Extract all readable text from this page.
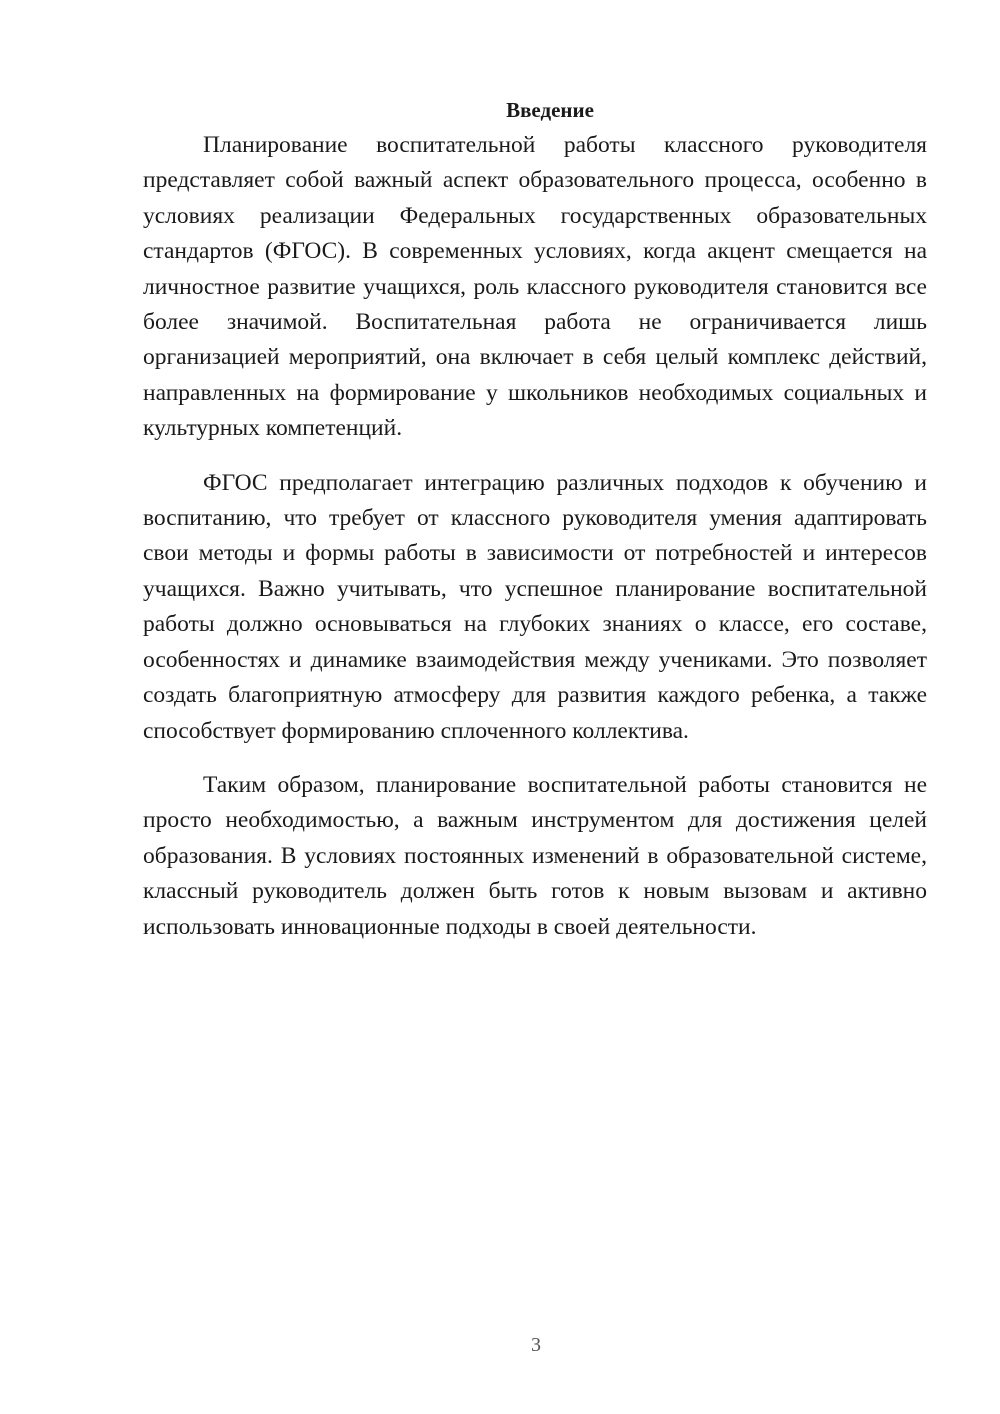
Введение

Планирование воспитательной работы классного руководителя представляет собой важный аспект образовательного процесса, особенно в условиях реализации Федеральных государственных образовательных стандартов (ФГОС). В современных условиях, когда акцент смещается на личностное развитие учащихся, роль классного руководителя становится все более значимой. Воспитательная работа не ограничивается лишь организацией мероприятий, она включает в себя целый комплекс действий, направленных на формирование у школьников необходимых социальных и культурных компетенций.

ФГОС предполагает интеграцию различных подходов к обучению и воспитанию, что требует от классного руководителя умения адаптировать свои методы и формы работы в зависимости от потребностей и интересов учащихся. Важно учитывать, что успешное планирование воспитательной работы должно основываться на глубоких знаниях о классе, его составе, особенностях и динамике взаимодействия между учениками. Это позволяет создать благоприятную атмосферу для развития каждого ребенка, а также способствует формированию сплоченного коллектива.

Таким образом, планирование воспитательной работы становится не просто необходимостью, а важным инструментом для достижения целей образования. В условиях постоянных изменений в образовательной системе, классный руководитель должен быть готов к новым вызовам и активно использовать инновационные подходы в своей деятельности.

3
